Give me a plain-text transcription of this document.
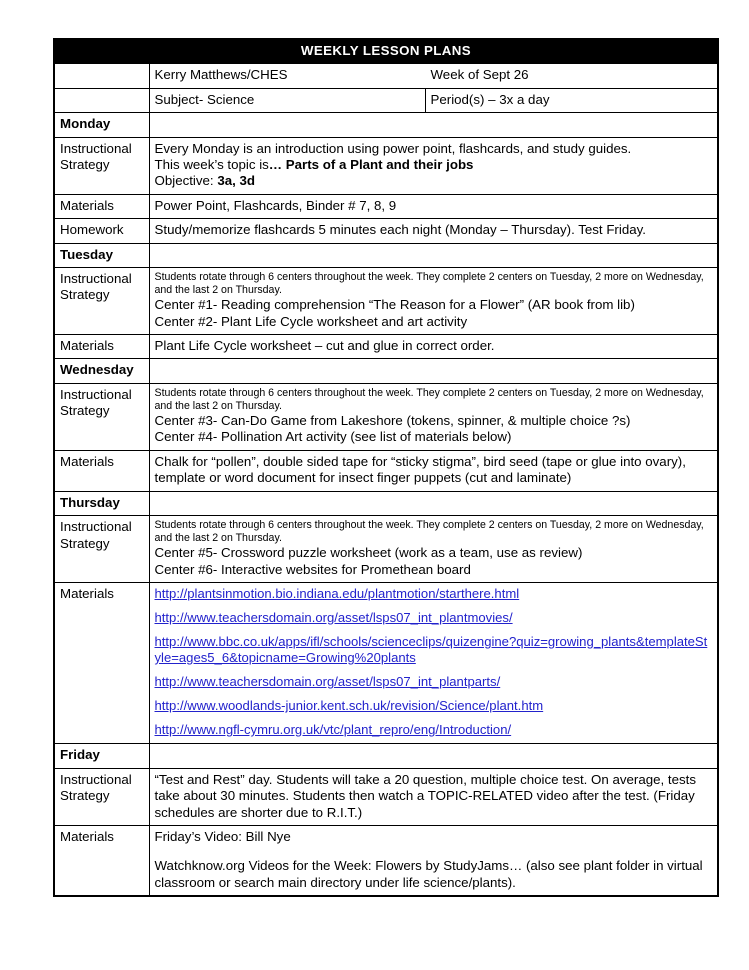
WEEKLY LESSON PLANS		

	Kerry Matthews/CHES Week of Sept 26	

	Subject- Science	Period(s) – 3x a day
Monday		
Instructional Strategy	Every Monday is an introduction using power point, flashcards, and study guides.
This week’s topic is… Parts of a Plant and their jobs
Objective: 3a, 3d	

Materials	Power Point, Flashcards, Binder # 7, 8, 9	
Homework	Study/memorize flashcards 5 minutes each night (Monday – Thursday). Test Friday.	
Tuesday		
Instructional Strategy	Students rotate through 6 centers throughout the week. They complete 2 centers on Tuesday, 2 more on Wednesday, and the last 2 on Thursday.
Center #1- Reading comprehension “The Reason for a Flower” (AR book from lib)
Center #2- Plant Life Cycle worksheet and art activity	

Materials	Plant Life Cycle worksheet – cut and glue in correct order.	
Wednesday		
Instructional Strategy	Students rotate through 6 centers throughout the week. They complete 2 centers on Tuesday, 2 more on Wednesday, and the last 2 on Thursday.
Center #3- Can-Do Game from Lakeshore (tokens, spinner, & multiple choice ?s)
Center #4- Pollination Art activity (see list of materials below)	

Materials	Chalk for “pollen”, double sided tape for “sticky stigma”, bird seed (tape or glue into ovary), template or word document for insect finger puppets (cut and laminate)	
Thursday		
Instructional Strategy	Students rotate through 6 centers throughout the week. They complete 2 centers on Tuesday, 2 more on Wednesday, and the last 2 on Thursday.
Center #5- Crossword puzzle worksheet (work as a team, use as review)
Center #6- Interactive websites for Promethean board	

Materials	http://plantsinmotion.bio.indiana.edu/plantmotion/starthere.html
http://www.teachersdomain.org/asset/lsps07_int_plantmovies/
http://www.bbc.co.uk/apps/ifl/schools/scienceclips/quizengine?quiz=growing_plants&templateStyle=ages5_6&topicname=Growing%20plants
http://www.teachersdomain.org/asset/lsps07_int_plantparts/
http://www.woodlands-junior.kent.sch.uk/revision/Science/plant.htm
http://www.ngfl-cymru.org.uk/vtc/plant_repro/eng/Introduction/

Friday		
Instructional Strategy	“Test and Rest” day. Students will take a 20 question, multiple choice test. On average, tests take about 30 minutes. Students then watch a TOPIC-RELATED video after the test. (Friday schedules are shorter due to R.I.T.)	
Materials	Friday’s Video: Bill Nye
Watchknow.org Videos for the Week: Flowers by StudyJams… (also see plant folder in virtual classroom or search main directory under life science/plants).	
